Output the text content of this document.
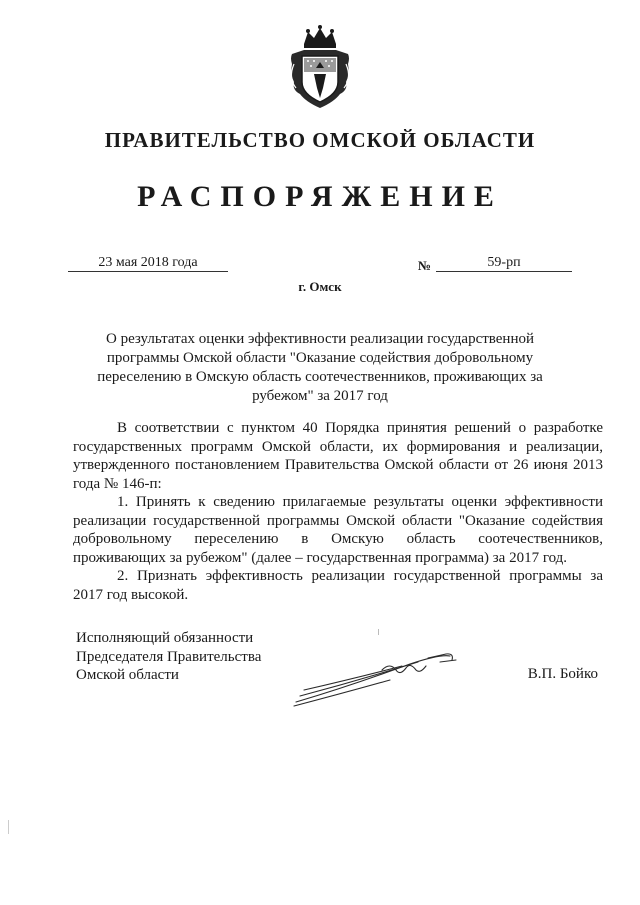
ПРАВИТЕЛЬСТВО ОМСКОЙ ОБЛАСТИ
РАСПОРЯЖЕНИЕ
23 мая 2018 года	№	59-рп
г. Омск
О результатах оценки эффективности реализации государственной программы Омской области "Оказание содействия добровольному переселению в Омскую область соотечественников, проживающих за рубежом" за 2017 год

В соответствии с пунктом 40 Порядка принятия решений о разработке государственных программ Омской области, их формирования и реализации, утвержденного постановлением Правительства Омской области от 26 июня 2013 года № 146-п:

1. Принять к сведению прилагаемые результаты оценки эффективности реализации государственной программы Омской области "Оказание содействия добровольному переселению в Омскую область соотечественников, проживающих за рубежом" (далее – государственная программа) за 2017 год.

2. Признать эффективность реализации государственной программы за 2017 год высокой.

Исполняющий обязанности
Председателя Правительства
Омской области	В.П. Бойко
